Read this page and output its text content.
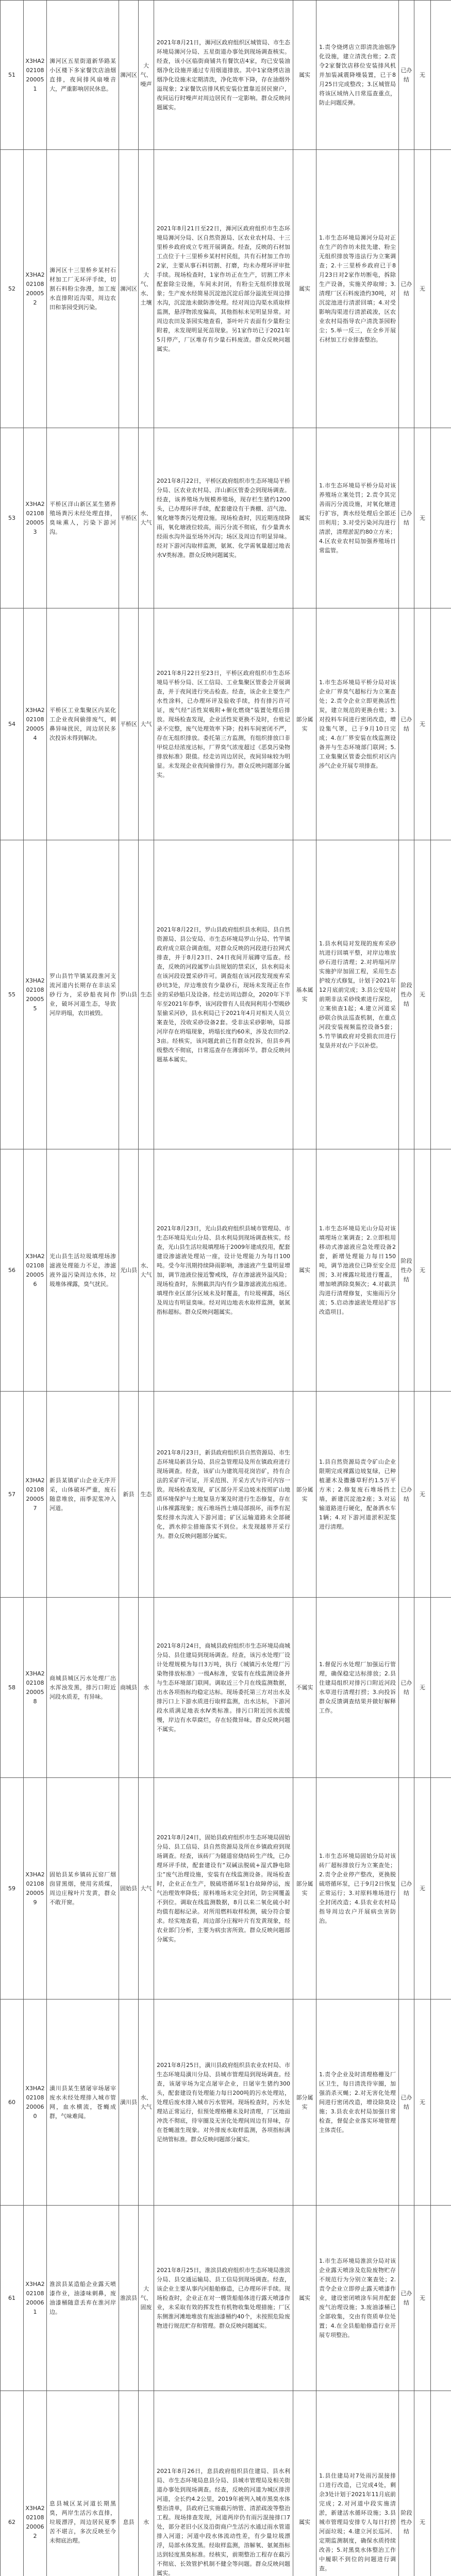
51	X3HA202108200051	浉河区五星街道新华路某小区楼下多家餐饮店油烟直排，夜间排风扇噪音大，严重影响居民休息。	浉河区	大气、噪声	2021年8月21日，浉河区政府组织区城管局、市生态环境局浉河分局、五星街道办事处到现场调查核实。经查，该小区临街商铺共有餐饮店4家，均已安装油烟净化设施并通过专用烟道排放。其中1家烧烤店油烟净化设施未定期清洗，净化效率下降，存在油烟外溢现象；2家餐饮店排风机安装位置靠近居民窗户，夜间运行时噪声对周边居民有一定影响。群众反映问题属实。	属实	1.责令烧烤店立即清洗油烟净化设施，建立清洗台账；2.责令2家餐饮店移位安装排风机并加装减震降噪装置，已于8月25日完成整改；3.区城管局将该区域纳入日常巡查重点，防止问题反弹。	已办结	无	
52	X3HA202108200052	浉河区十三里桥乡某村石材加工厂无环评手续，切割石料粉尘弥漫，加工废水直排附近沟渠，周边农田和茶园受到污染。	浉河区	大气、水、土壤	2021年8月21日至22日，浉河区政府组织市生态环境局浉河分局、区自然资源局、区农业农村局、十三里桥乡政府成立专班开展调查。经查，反映的石材加工点位于十三里桥乡某村村民组，共有石材加工作坊2家，主要从事石料切割、打磨，均未办理环评审批手续。现场检查时，1家作坊正在生产，切割工序未配套除尘设施，车间未封闭，有粉尘无组织排放现象；生产废水经简易沉淀池沉淀后部分溢流至周边排水沟，沉淀池未做防渗处理。经对周边沟渠水质取样监测，悬浮物浓度偏高，其他指标未见明显异常。对周边农田及茶园实地查看，茶叶叶片表面有少量粉尘附着，未发现明显死苗现象。另1家作坊已于2021年5月停产，厂区堆存有少量石料废渣。群众反映问题属实。	属实	1.市生态环境局浉河分局对正在生产的作坊未批先建、粉尘无组织排放等违法行为立案调查；2.十三里桥乡政府已于8月23日对2家作坊断电，拆除生产设备，实施关停取缔；3.清理厂区石料废渣约30吨，对沉淀池进行清淤回填；4.对受影响沟渠进行清淤疏浚，区农业农村局指导农户清洗茶园粉尘；5.举一反三，在全乡开展石材加工行业排查整治。	已办结	无	
53	X3HA202108200053	平桥区洋山新区某生猪养殖场粪污未经处理直排，臭味熏人，污染下游河沟。	平桥区	水、大气	2021年8月22日，平桥区政府组织市生态环境局平桥分局、区农业农村局、洋山新区管委会到现场调查。经查，该养殖场为规模养殖场，现存栏生猪约1200头，已办理环评手续，配套建设有干粪棚、沼气池、氧化塘等粪污处理设施。现场检查时，因近期连续降雨，氧化塘液位较高，雨污分流不彻底，有少量粪水经雨水沟外溢至场外河沟；场区及周边有明显异味。经对下游河沟取样监测，氨氮、化学需氧量超过地表水Ⅴ类标准。群众反映问题属实。	属实	1.市生态环境局平桥分局对该养殖场立案处罚；2.责令其完善雨污分流设施，对氧化塘进行扩容，粪水经处理后全部还田利用；3.对受污染河沟进行清淤，清理淤泥约80立方米；4.区农业农村局加强养殖场日常监管。	已办结	无	
54	X3HA202108200054	平桥区工业集聚区内某化工企业夜间偷排废气，刺鼻异味扰民，周边居民多次投诉未得到解决。	平桥区	大气	2021年8月22日至23日，平桥区政府组织市生态环境局平桥分局、区工信局、工业集聚区管委会开展调查，并于夜间进行突击检查。经查，该企业主要生产水性涂料，已办理环评及验收手续，持有排污许可证，废气经“活性炭吸附+催化燃烧”装置处理后排放。现场检查发现，企业活性炭更换不及时，台账记录不完整，废气处理效率下降；投料车间密闭不严，存在无组织排放。委托第三方监测，有组织排放口非甲烷总烃浓度达标，厂界臭气浓度超过《恶臭污染物排放标准》限值。经走访周边居民，夜间异味较为明显。未发现企业夜间偷排行为。群众反映问题部分属实。	部分属实	1.市生态环境局平桥分局对该企业厂界臭气超标行为立案查处；2.责令企业立即更换活性炭，建立规范的更换台账；3.对投料车间进行密闭改造，增设集气罩，已于9月10日完成；4.在厂界安装在线监测设备并与生态环境部门联网；5.工业集聚区管委会组织对区内涉气企业开展专项排查。	已办结	无	
55	X3HA202108200055	罗山县竹竿镇某段淮河支流河道内长期存在非法采砂行为，采砂船夜间作业，破坏河道生态，导致河岸坍塌，农田被毁。	罗山县	生态	2021年8月22日，罗山县政府组织县水利局、县自然资源局、县公安局、市生态环境局罗山分局、竹竿镇政府成立联合调查组，对群众反映的河段进行拉网式排查，并于8月23日、24日夜间开展蹲守巡查。经查，反映的河段属罗山县规划的禁采区，县水利局未在该河段设置采砂许可。调查组在该河段发现废弃采砂坑3处，岸边堆放有少量砂石，现场未发现正在作业的采砂船只及设备。经走访周边群众，2020年下半年至2021年春季，该河段曾有人员夜间利用小型吸砂泵偷采河砂，县水利局已于2021年4月对相关人员立案查处，没收采砂设备2套。受非法采砂影响，局部河岸存在坍塌现象，坍塌长度约60米，涉及农田约2.3亩。经核实，该问题此前已有群众投诉，但县乡两级整改不彻底，日常巡查存在薄弱环节。群众反映问题基本属实。	基本属实	1.县水利局对发现的废弃采砂坑进行回填平整，对岸边堆放砂石进行清理；2.对坍塌河岸实施护岸加固工程，采用生态护坡方式修复，计划于2021年12月底前完成；3.县公安局对前期非法采砂线索进行深挖，立案侦查1起；4.建立河道采砂联合执法巡查机制，在重点河段安装视频监控设备5套；5.竹竿镇政府对受损农田进行复垦并对农户予以补偿。	阶段性办结	无	
56	X3HA202108200056	光山县生活垃圾填埋场渗滤液处理能力不足，渗滤液外溢污染周边水体，垃圾堆体裸露，臭气扰民。	光山县	水、大气	2021年8月23日，光山县政府组织县城市管理局、市生态环境局光山分局、县水利局到现场调查核实。经查，光山县生活垃圾填埋场于2009年建成投用，配套建设渗滤液处理站一座，设计处理能力为每日100吨。受今年汛期持续降雨影响，渗滤液产生量明显增加，调节池液位接近警戒线，存在渗滤液外溢风险；现场检查时，东侧截洪沟内有少量渗滤液流出痕迹。填埋作业区部分区域未及时覆盖，有垃圾裸露，场区及周边有明显臭味。经对周边地表水取样监测，氨氮指标超标。群众反映问题属实。	属实	1.市生态环境局光山分局对该填埋场立案调查；2.立即租用移动式渗滤液应急处理设备2套，新增处理能力每日150吨，调节池液位已降至安全范围；3.对裸露垃圾进行覆盖，增加喷洒除臭频次；4.对截洪沟进行清理修复，实施雨污分流；5.启动渗滤液处理站扩容改造项目。	阶段性办结	无	
57	X3HA202108200057	新县某镇矿山企业无序开采，山体破坏严重，废石随意堆放，雨季泥浆冲入河道。	新县	生态	2021年8月23日，新县政府组织县自然资源局、市生态环境局新县分局、县应急管理局及所在镇政府进行现场调查。经查，该矿山为建筑用花岗岩矿，持有合法的采矿许可证，开采范围、开采方式与许可内容一致。现场检查发现，矿区部分开采边坡未按照矿山地质环境保护与土地复垦方案及时进行生态修复，存在山体裸露现象；废石堆场挡土墙局部损坏，雨季有泥浆经排水沟流入下游河道；矿区运输道路未全部硬化，洒水抑尘措施落实不到位。未发现越界开采行为。群众反映问题部分属实。	部分属实	1.县自然资源局责令矿山企业限期完成裸露边坡复绿，已种植灌木及撒播草籽约1.5万平方米；2.修复废石堆场挡土墙，新建沉淀池2座；3.对运输道路进行硬化，配备洒水车1辆；4.对下游河道淤积泥浆进行清理。	已办结	无	
58	X3HA202108200058	商城县城区污水处理厂出水浑浊发黑，排污口附近河段水质差，有异味。	商城县	水	2021年8月24日，商城县政府组织市生态环境局商城分局、县住建局到现场调查。经查，该污水处理厂设计处理规模为每日3万吨，执行《城镇污水处理厂污染物排放标准》一级A标准，安装有在线监测设备并与生态环境部门联网。调取近三个月在线监测数据，出水各项指标均稳定达标。现场委托第三方对出水及排污口上下游水质进行取样监测，出水达标，下游河段水质满足地表水Ⅳ类标准。排污口附近因水流缓慢，岸边有水草腐烂，存在轻微异味。群众反映问题不属实。	不属实	1.督促污水处理厂加强运行管理，确保稳定达标排放；2.县住建局组织对排污口附近河段水草进行清理打捞；3.向投诉群众反馈调查结果并做好解释工作。	已办结	无	
59	X3HA202108200059	固始县某乡镇砖瓦窑厂烟囱冒黑烟，使用劣质煤，周边庄稼叶片发黄，群众不敢开窗。	固始县	大气	2021年8月24日，固始县政府组织市生态环境局固始分局、县工信局、县自然资源局及所在乡镇政府到现场调查。经查，该砖厂为隧道窑烧结砖生产线，已办理环评手续，配套建设有“双碱法脱硫+湿式静电除尘”废气治理设施，安装有在线监测设备。现场检查时，企业正在生产，脱硫塔循环泵1台故障停运，废气治理效率降低；原料堆场未完全封闭，防尘网覆盖不到位。调取在线监测数据，8月以来二氧化硫小时均值有超标记录。对所用燃料取样检测，硫分符合要求。经实地查看，周边部分庄稼叶片有发黄现象，经农业部门分析，主要为病虫害所致。群众反映问题部分属实。	部分属实	1.市生态环境局固始分局对该砖厂超标排放行为立案查处；2.责令企业停产整改，更换脱硫塔循环泵，已于9月2日恢复正常运行；3.对原料堆场进行全封闭改造；4.县农业农村局指导周边农户开展病虫害防治。	已办结	无	
60	X3HA202108200060	潢川县某生猪屠宰场屠宰废水未经处理排入城市管网，血水横流，苍蝇成群，气味难闻。	潢川县	水、大气	2021年8月25日，潢川县政府组织县农业农村局、市生态环境局潢川分局、县城市管理局到现场调查。经查，该屠宰场为定点屠宰企业，日屠宰生猪约300头，配套建设有处理能力每日200吨的污水处理站，处理后废水排入城市污水管网。现场检查时，污水处理站正常运行，但预处理格栅未及时清理，厂区地面冲洗不彻底，待宰圈及无害化处理间周边有异味，存在苍蝇滋生现象。对外排废水取样监测，各项指标满足纳管标准。群众反映问题部分属实。	部分属实	1.责令企业及时清理格栅及厂区卫生，每日清洗待宰圈，加强消杀灭蝇；2.对无害化处理间进行密闭改造，增设除臭设施；3.县农业农村局加强日常检查，督促企业落实环境管理主体责任。	已办结	无	
61	X3HA202108200061	淮滨县某造船企业露天喷漆作业，油漆味刺鼻，废油漆桶随意丢弃在淮河岸边。	淮滨县	大气、固废	2021年8月25日，淮滨县政府组织市生态环境局淮滨分局、县交通运输局、县工信局到现场调查。经查，该企业主要从事内河船舶修造，已办理环评手续。现场检查时，企业正在对一艘货船船体进行露天喷漆作业，未采取有效的挥发性有机物收集处理措施；厂区东侧淮河滩地堆放有废油漆桶约40个，未按照危险废物进行规范贮存和管理。群众反映问题属实。	属实	1.市生态环境局淮滨分局对该企业露天喷涂及危险废物贮存不规范行为分别立案查处；2.责令企业立即停止露天喷漆作业，建设密闭喷涂车间并配套废气治理设施；3.废油漆桶已全部收集，交由有资质单位处置；4.在全县船舶修造行业开展专项整治。	已办结	无	
62	X3HA202108200062	息县城区某河道长期黑臭，两岸生活污水直排，垃圾漂浮，周边居民夏季苦不堪言，多次反映至今未彻底治理。	息县	水	2021年8月26日，息县政府组织县住建局、县水利局、市生态环境局息县分局、县城市管理局及相关街道办事处到现场调查。经查，反映的河道为城区排涝河道，全长约4.2公里，2019年被列入城市黑臭水体整治清单，县政府已实施截污纳管、清淤疏浚等整治工程。现场排查发现，河道两岸仍有雨污混接排口7处，部分老旧小区及沿街商户生活污水通过雨水管道排入河道；河道中段水体流动性差，有少量垃圾漂浮，局部水体发黑。经取样监测，溶解氧、氨氮指标达到轻度黑臭标准。经核实，前期整治工程存在截污不彻底、长效管护机制不健全等问题。群众反映问题属实。	属实	1.县住建局对7处雨污混接排口进行改造，已完成4处，剩余3处计划于2021年11月底前完成；2.对河道中段实施清淤，新建活水循环设施；3.县城市管理局安排专人每日打捞河面垃圾；4.建立河长巡河、定期监测制度，确保水质持续改善；5.对黑臭水体整治工作中履职不到位的问题进行调查。	阶段性办结	无	
